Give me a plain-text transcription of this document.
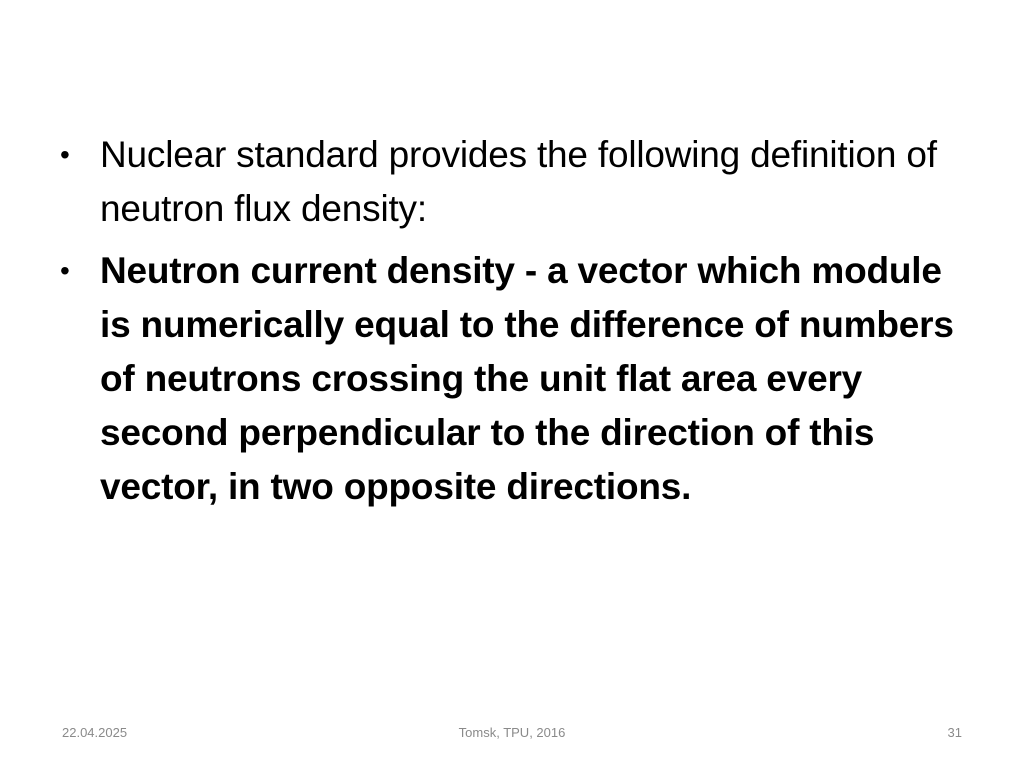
• Nuclear standard provides the following definition of neutron flux density:
• Neutron current density - a vector which module is numerically equal to the difference of numbers of neutrons crossing the unit flat area every second perpendicular to the direction of this vector, in two opposite directions.
22.04.2025	Tomsk, TPU, 2016	31
